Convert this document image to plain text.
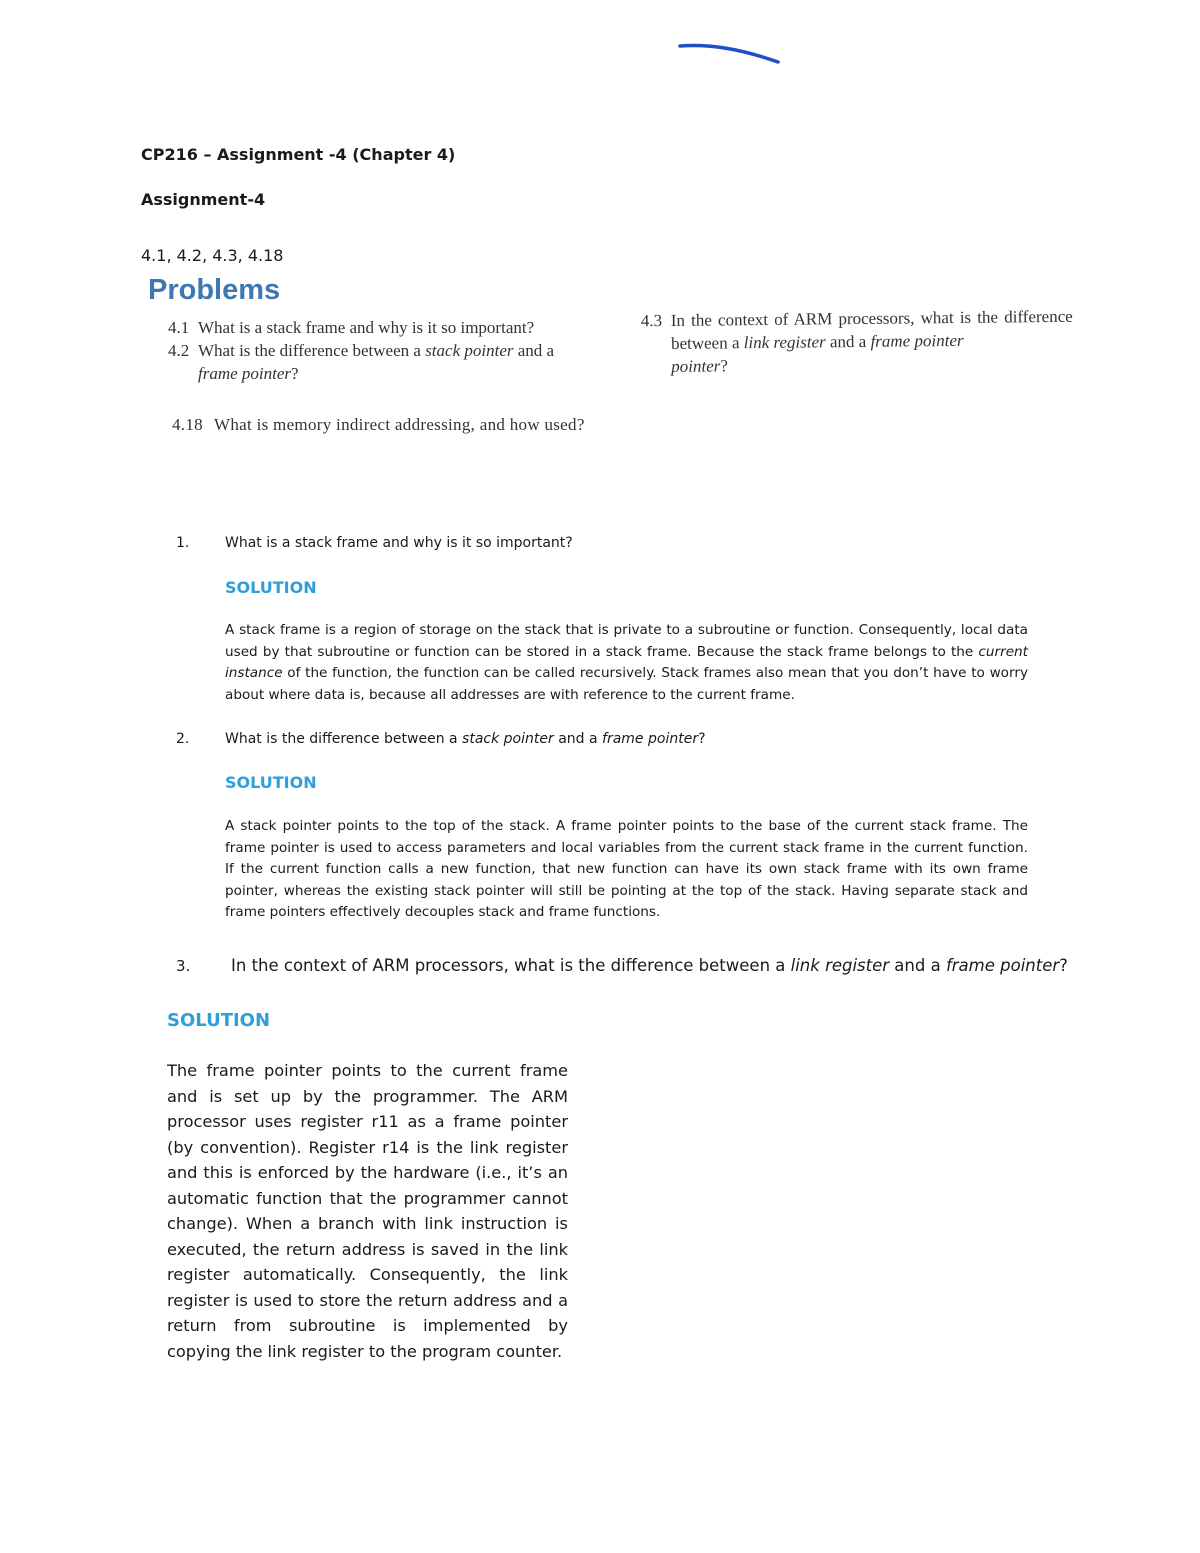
CP216 – Assignment -4 (Chapter 4)
Assignment-4
4.1, 4.2, 4.3, 4.18
Problems
4.1 What is a stack frame and why is it so important?
4.2 What is the difference between a stack pointer and a
frame pointer?
4.3 In the context of ARM processors, what is the difference between a link register and a frame pointer
pointer?
4.18 What is memory indirect addressing, and how used?
1.	What is a stack frame and why is it so important?
SOLUTION
A stack frame is a region of storage on the stack that is private to a subroutine or function. Consequently, local data used by that subroutine or function can be stored in a stack frame. Because the stack frame belongs to the current instance of the function, the function can be called recursively. Stack frames also mean that you don’t have to worry about where data is, because all addresses are with reference to the current frame.
2.	What is the difference between a stack pointer and a frame pointer?
SOLUTION
A stack pointer points to the top of the stack. A frame pointer points to the base of the current stack frame. The frame pointer is used to access parameters and local variables from the current stack frame in the current function. If the current function calls a new function, that new function can have its own stack frame with its own frame pointer, whereas the existing stack pointer will still be pointing at the top of the stack. Having separate stack and frame pointers effectively decouples stack and frame functions.
3. In the context of ARM processors, what is the difference between a link register and a frame pointer?
SOLUTION
The frame pointer points to the current frame and is set up by the programmer. The ARM processor uses register r11 as a frame pointer (by convention). Register r14 is the link register and this is enforced by the hardware (i.e., it’s an automatic function that the programmer cannot change). When a branch with link instruction is executed, the return address is saved in the link register automatically. Consequently, the link register is used to store the return address and a return from subroutine is implemented by copying the link register to the program counter.
